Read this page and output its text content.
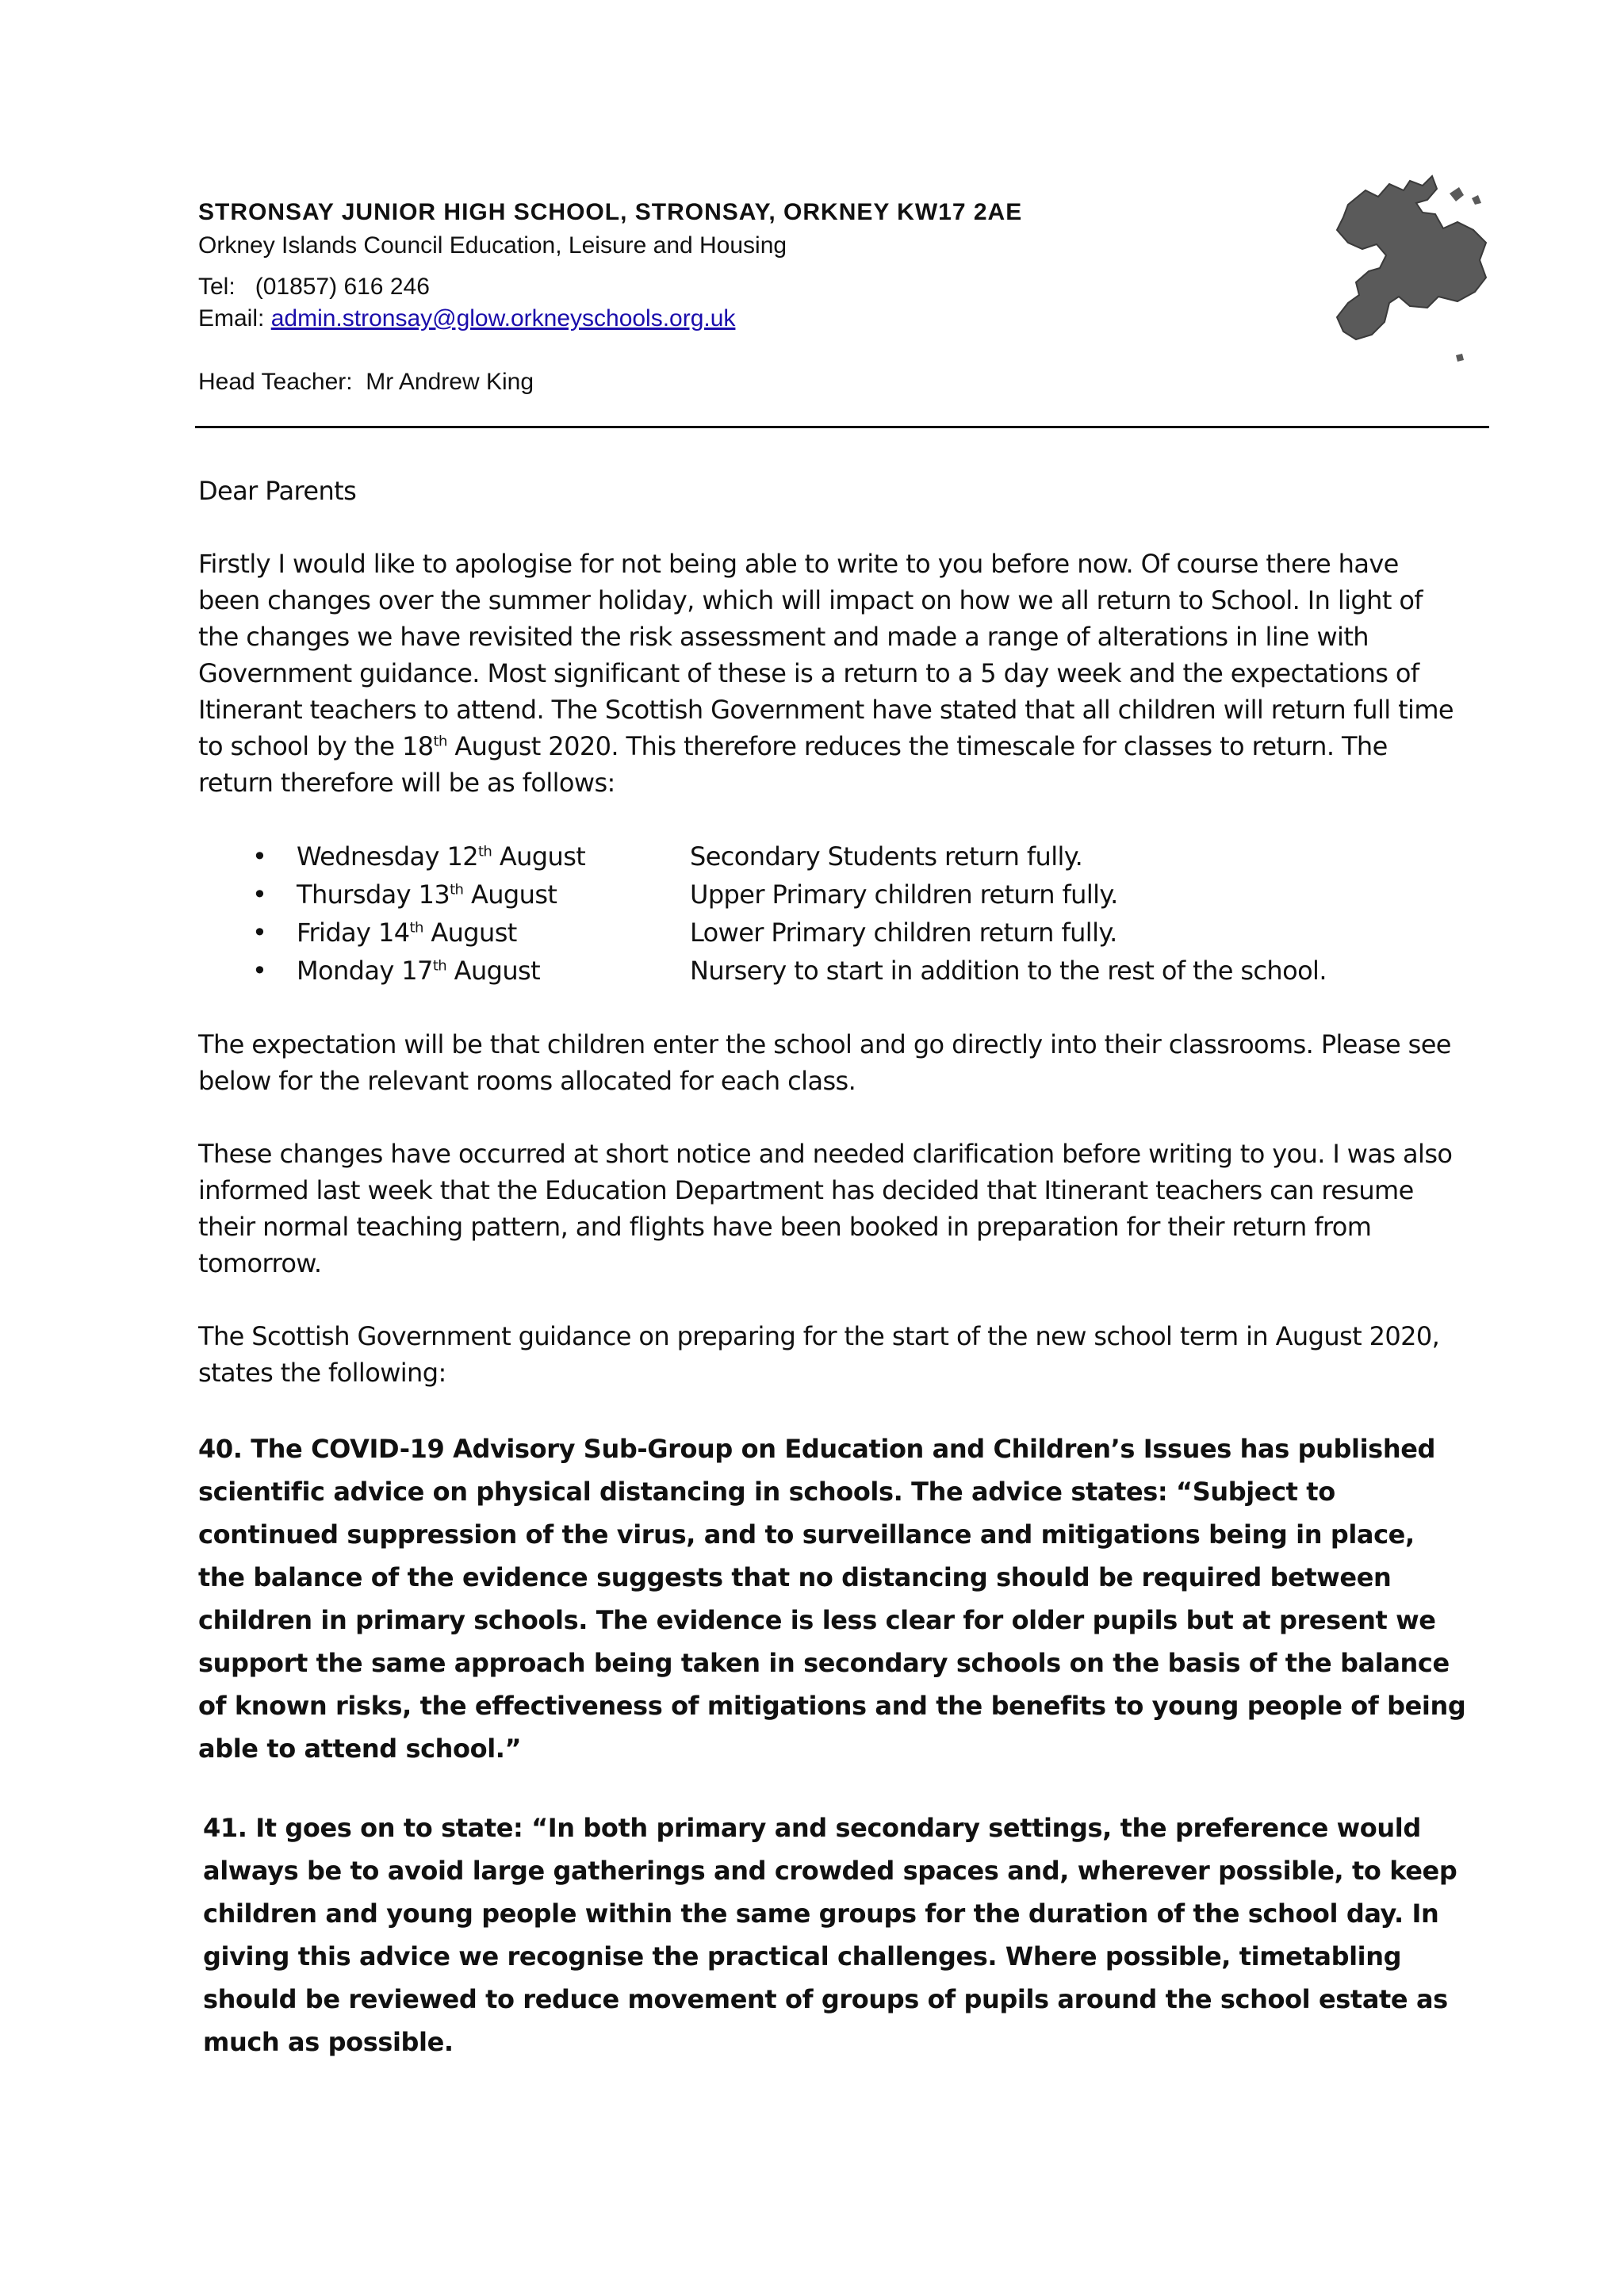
STRONSAY JUNIOR HIGH SCHOOL, STRONSAY, ORKNEY KW17 2AE

Orkney Islands Council Education, Leisure and Housing

Tel: (01857) 616 246

Email: admin.stronsay@glow.orkneyschools.org.uk

Head Teacher: Mr Andrew King

Dear Parents

Firstly I would like to apologise for not being able to write to you before now. Of course there have been changes over the summer holiday, which will impact on how we all return to School. In light of the changes we have revisited the risk assessment and made a range of alterations in line with Government guidance. Most significant of these is a return to a 5 day week and the expectations of Itinerant teachers to attend. The Scottish Government have stated that all children will return full time to school by the 18th August 2020. This therefore reduces the timescale for classes to return. The return therefore will be as follows:

• Wednesday 12th August	Secondary Students return fully.
• Thursday 13th August	Upper Primary children return fully.
• Friday 14th August	Lower Primary children return fully.
• Monday 17th August	Nursery to start in addition to the rest of the school.

The expectation will be that children enter the school and go directly into their classrooms. Please see below for the relevant rooms allocated for each class.

These changes have occurred at short notice and needed clarification before writing to you. I was also informed last week that the Education Department has decided that Itinerant teachers can resume their normal teaching pattern, and flights have been booked in preparation for their return from tomorrow.

The Scottish Government guidance on preparing for the start of the new school term in August 2020, states the following:

40. The COVID-19 Advisory Sub-Group on Education and Children’s Issues has published scientific advice on physical distancing in schools. The advice states: “Subject to continued suppression of the virus, and to surveillance and mitigations being in place, the balance of the evidence suggests that no distancing should be required between children in primary schools. The evidence is less clear for older pupils but at present we support the same approach being taken in secondary schools on the basis of the balance of known risks, the effectiveness of mitigations and the benefits to young people of being able to attend school.”

41. It goes on to state: “In both primary and secondary settings, the preference would always be to avoid large gatherings and crowded spaces and, wherever possible, to keep children and young people within the same groups for the duration of the school day. In giving this advice we recognise the practical challenges. Where possible, timetabling should be reviewed to reduce movement of groups of pupils around the school estate as much as possible.
